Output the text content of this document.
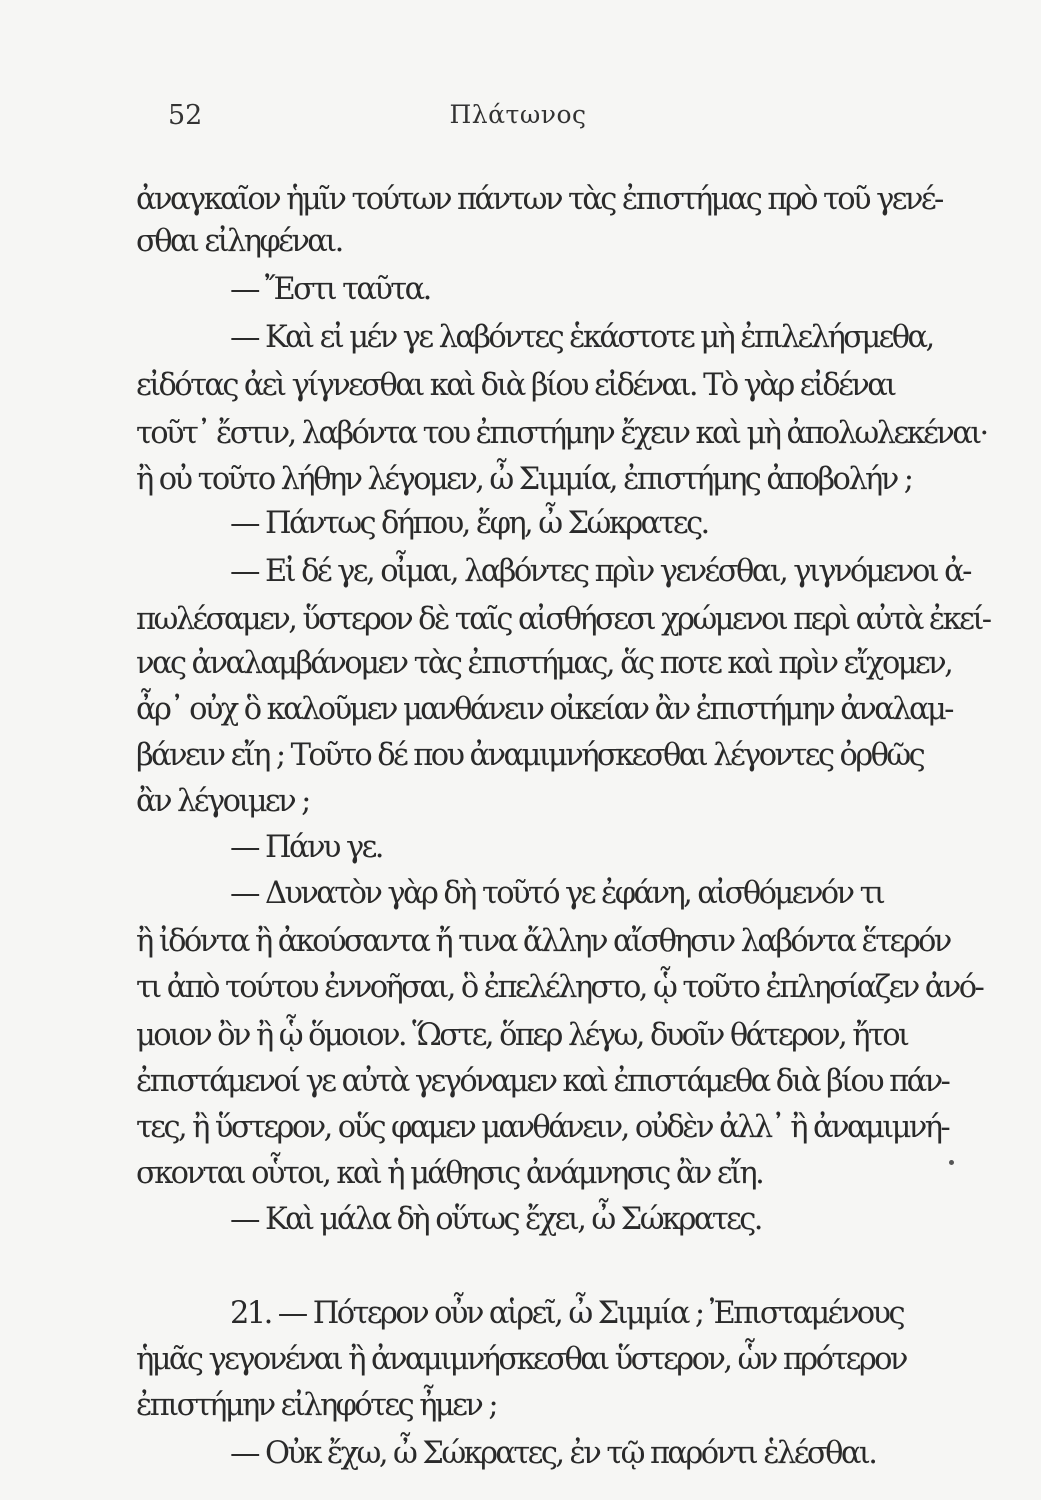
52	Πλάτωνος
ἀναγκαῖον ἡμῖν τούτων πάντων τὰς ἐπιστήμας πρὸ τοῦ γενέ-
σθαι εἰληφέναι.
— Ἔστι ταῦτα.
— Καὶ εἰ μέν γε λαβόντες ἑκάστοτε μὴ ἐπιλελήσμεθα,
εἰδότας ἀεὶ γίγνεσθαι καὶ διὰ βίου εἰδέναι. Τὸ γὰρ εἰδέναι
τοῦτ᾿ ἔστιν, λαβόντα του ἐπιστήμην ἔχειν καὶ μὴ ἀπολωλεκέναι·
ἢ οὐ τοῦτο λήθην λέγομεν, ὦ Σιμμία, ἐπιστήμης ἀποβολήν ;
— Πάντως δήπου, ἔφη, ὦ Σώκρατες.
— Εἰ δέ γε, οἶμαι, λαβόντες πρὶν γενέσθαι, γιγνόμενοι ἀ-
πωλέσαμεν, ὕστερον δὲ ταῖς αἰσθήσεσι χρώμενοι περὶ αὐτὰ ἐκεί-
νας ἀναλαμβάνομεν τὰς ἐπιστήμας, ἅς ποτε καὶ πρὶν εἴχομεν,
ἆρ᾿ οὐχ ὃ καλοῦμεν μανθάνειν οἰκείαν ἂν ἐπιστήμην ἀναλαμ-
βάνειν εἴη ; Τοῦτο δέ που ἀναμιμνήσκεσθαι λέγοντες ὀρθῶς
ἂν λέγοιμεν ;
— Πάνυ γε.
— Δυνατὸν γὰρ δὴ τοῦτό γε ἐφάνη, αἰσθόμενόν τι
ἢ ἰδόντα ἢ ἀκούσαντα ἤ τινα ἄλλην αἴσθησιν λαβόντα ἕτερόν
τι ἀπὸ τούτου ἐννοῆσαι, ὃ ἐπελέληστο, ᾧ τοῦτο ἐπλησίαζεν ἀνό-
μοιον ὂν ἢ ᾧ ὅμοιον. Ὥστε, ὅπερ λέγω, δυοῖν θάτερον, ἤτοι
ἐπιστάμενοί γε αὐτὰ γεγόναμεν καὶ ἐπιστάμεθα διὰ βίου πάν-
τες, ἢ ὕστερον, οὕς φαμεν μανθάνειν, οὐδὲν ἀλλ᾿ ἢ ἀναμιμνή-
σκονται οὗτοι, καὶ ἡ μάθησις ἀνάμνησις ἂν εἴη.
— Καὶ μάλα δὴ οὕτως ἔχει, ὦ Σώκρατες.
21. — Πότερον οὖν αἱρεῖ, ὦ Σιμμία ; Ἐπισταμένους
ἡμᾶς γεγονέναι ἢ ἀναμιμνήσκεσθαι ὕστερον, ὧν πρότερον
ἐπιστήμην εἰληφότες ἦμεν ;
— Οὐκ ἔχω, ὦ Σώκρατες, ἐν τῷ παρόντι ἑλέσθαι.
